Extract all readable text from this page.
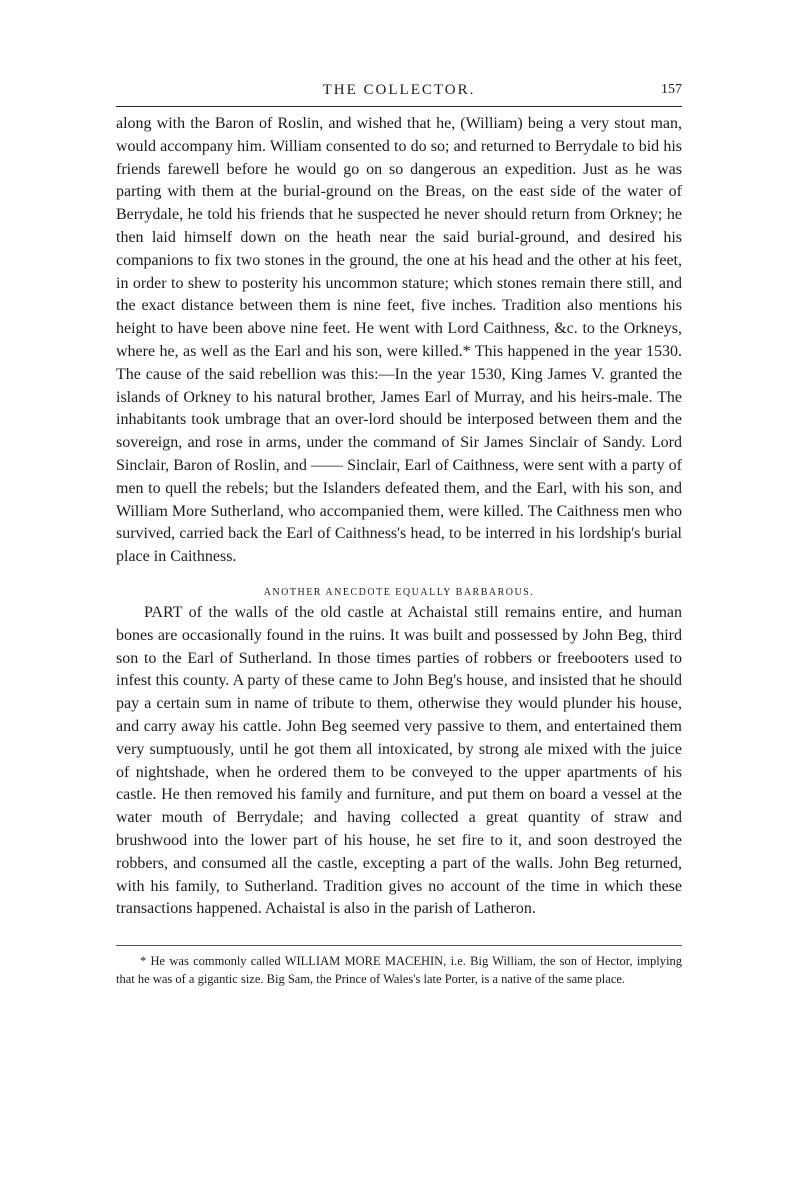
THE COLLECTOR.	157

along with the Baron of Roslin, and wished that he, (William) being a very stout man, would accompany him. William consented to do so; and returned to Berrydale to bid his friends farewell before he would go on so dangerous an expedition. Just as he was parting with them at the burial-ground on the Breas, on the east side of the water of Berrydale, he told his friends that he suspected he never should return from Orkney; he then laid himself down on the heath near the said burial-ground, and desired his companions to fix two stones in the ground, the one at his head and the other at his feet, in order to shew to posterity his uncommon stature; which stones remain there still, and the exact distance between them is nine feet, five inches. Tradition also mentions his height to have been above nine feet. He went with Lord Caithness, &c. to the Orkneys, where he, as well as the Earl and his son, were killed.* This happened in the year 1530. The cause of the said rebellion was this:—In the year 1530, King James V. granted the islands of Orkney to his natural brother, James Earl of Murray, and his heirs-male. The inhabitants took umbrage that an over-lord should be interposed between them and the sovereign, and rose in arms, under the command of Sir James Sinclair of Sandy. Lord Sinclair, Baron of Roslin, and —— Sinclair, Earl of Caithness, were sent with a party of men to quell the rebels; but the Islanders defeated them, and the Earl, with his son, and William More Sutherland, who accompanied them, were killed. The Caithness men who survived, carried back the Earl of Caithness's head, to be interred in his lordship's burial place in Caithness.

ANOTHER ANECDOTE EQUALLY BARBAROUS.

PART of the walls of the old castle at Achaistal still remains entire, and human bones are occasionally found in the ruins. It was built and possessed by John Beg, third son to the Earl of Sutherland. In those times parties of robbers or freebooters used to infest this county. A party of these came to John Beg's house, and insisted that he should pay a certain sum in name of tribute to them, otherwise they would plunder his house, and carry away his cattle. John Beg seemed very passive to them, and entertained them very sumptuously, until he got them all intoxicated, by strong ale mixed with the juice of nightshade, when he ordered them to be conveyed to the upper apartments of his castle. He then removed his family and furniture, and put them on board a vessel at the water mouth of Berrydale; and having collected a great quantity of straw and brushwood into the lower part of his house, he set fire to it, and soon destroyed the robbers, and consumed all the castle, excepting a part of the walls. John Beg returned, with his family, to Sutherland. Tradition gives no account of the time in which these transactions happened. Achaistal is also in the parish of Latheron.

* He was commonly called WILLIAM MORE MACEHIN, i.e. Big William, the son of Hector, implying that he was of a gigantic size. Big Sam, the Prince of Wales's late Porter, is a native of the same place.
